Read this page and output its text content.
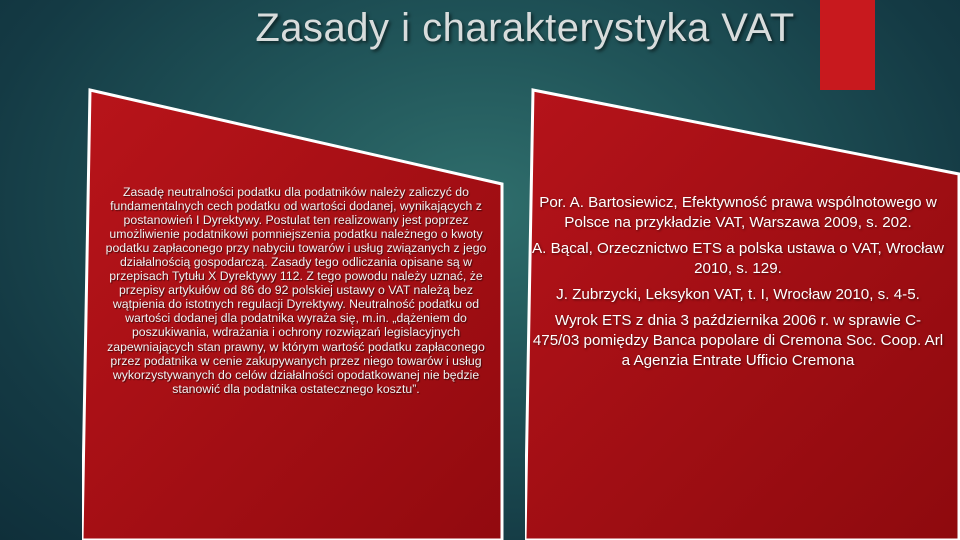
Zasady i charakterystyka VAT
Zasadę neutralności podatku dla podatników należy zaliczyć do fundamentalnych cech podatku od wartości dodanej, wynikających z postanowień I Dyrektywy. Postulat ten realizowany jest poprzez umożliwienie podatnikowi pomniejszenia podatku należnego o kwoty podatku zapłaconego przy nabyciu towarów i usług związanych z jego działalnością gospodarczą. Zasady tego odliczania opisane są w przepisach Tytułu X Dyrektywy 112. Z tego powodu należy uznać, że przepisy artykułów od 86 do 92 polskiej ustawy o VAT należą bez wątpienia do istotnych regulacji Dyrektywy. Neutralność podatku od wartości dodanej dla podatnika wyraża się, m.in. „dążeniem do poszukiwania, wdrażania i ochrony rozwiązań legislacyjnych zapewniających stan prawny, w którym wartość podatku zapłaconego przez podatnika w cenie zakupywanych przez niego towarów i usług wykorzystywanych do celów działalności opodatkowanej nie będzie stanowić dla podatnika ostatecznego kosztu”.

Por. A. Bartosiewicz, Efektywność prawa wspólnotowego w Polsce na przykładzie VAT, Warszawa 2009, s. 202.

A. Bącal, Orzecznictwo ETS a polska ustawa o VAT, Wrocław 2010, s. 129.

J. Zubrzycki, Leksykon VAT, t. I, Wrocław 2010, s. 4-5.

Wyrok ETS z dnia 3 października 2006 r. w sprawie C-475/03 pomiędzy Banca popolare di Cremona Soc. Coop. Arl a Agenzia Entrate Ufficio Cremona
